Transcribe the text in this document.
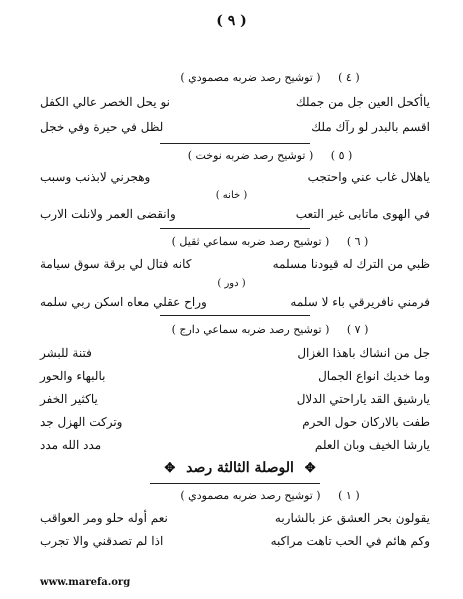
( ٩ )
( ٤ ) ( توشيح رصد ضربه مصمودي )
ياأكحل العين جل من جملك
نو يحل الخصر عالي الكفل
اقسم بالبدر لو رآك ملك
لظل في حيرة وفي خجل
( ٥ ) ( توشيح رصد ضربه نوخت )
ياهلال غاب عني واحتجب
وهجرني لابذنب وسبب
( خانه )
في الهوى ماتابى غير التعب
وانقضى العمر ولانلت الارب
( ٦ ) ( توشيح رصد ضربه سماعي ثقيل )
ظبي من الترك له قيودنا مسلمه
كانه فتال لي برقة سوق سيامة
( دور )
فرمني نافريرقي باء لا سلمه
وراح عقلي معاه اسكن ربي سلمه
( ٧ ) ( توشيح رصد ضربه سماعي دارج )
جل من انشاك باهذا الغزال
فتنة للبشر
وما خديك انواع الجمال
بالبهاء والحور
يارشيق القد ياراحتي الدلال
ياكثير الخفر
طفت بالاركان حول الحرم
وتركت الهزل جد
يارشا الخيف وبان العلم
مدد الله مدد
✥ الوصلة الثالثة رصد ✥
( ١ ) ( توشيح رصد ضربه مصمودي )
يقولون بحر العشق عز بالشاربه
نعم أوله حلو ومر العواقب
وكم هائم في الحب تاهت مراكبه
اذا لم تصدقني والا تجرب
www.marefa.org
